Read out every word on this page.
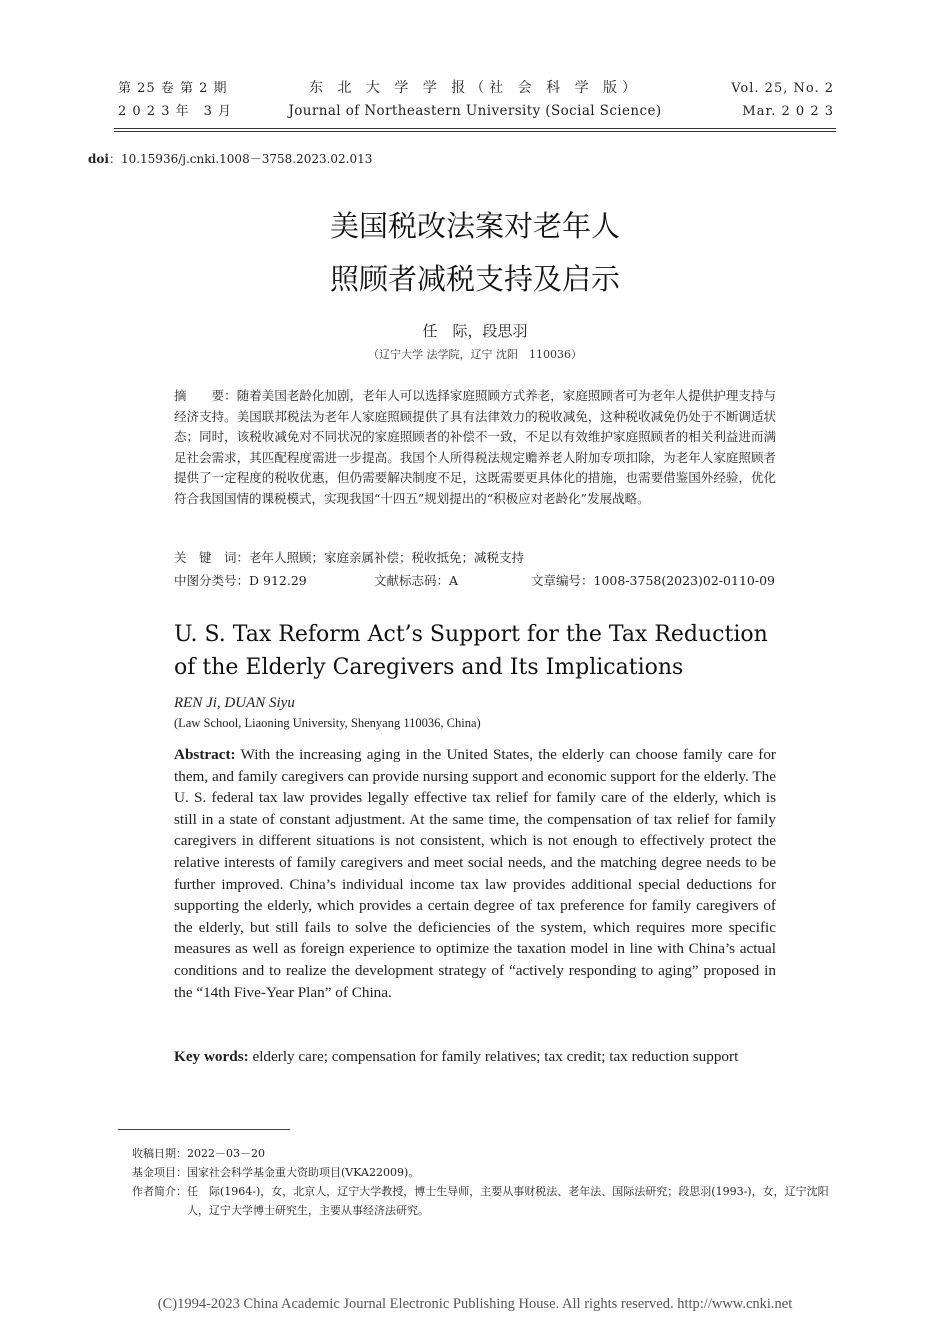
第 25 卷 第 2 期
2 0 2 3 年　3 月
东 北 大 学 学 报（社 会 科 学 版）
Journal of Northeastern University (Social Science)
Vol. 25, No. 2
Mar. 2 0 2 3
doi：10.15936/j.cnki.1008－3758.2023.02.013
美国税改法案对老年人
照顾者减税支持及启示
任　际，段思羽
（辽宁大学 法学院，辽宁 沈阳　110036）
摘　　要：随着美国老龄化加剧，老年人可以选择家庭照顾方式养老，家庭照顾者可为老年人提供护理支持与经济支持。美国联邦税法为老年人家庭照顾提供了具有法律效力的税收减免，这种税收减免仍处于不断调适状态；同时，该税收减免对不同状况的家庭照顾者的补偿不一致，不足以有效维护家庭照顾者的相关利益进而满足社会需求，其匹配程度需进一步提高。我国个人所得税法规定赡养老人附加专项扣除，为老年人家庭照顾者提供了一定程度的税收优惠，但仍需要解决制度不足，这既需要更具体化的措施，也需要借鉴国外经验，优化符合我国国情的课税模式，实现我国“十四五”规划提出的“积极应对老龄化”发展战略。
关　键　词：老年人照顾；家庭亲属补偿；税收抵免；减税支持
中图分类号：D 912.29	文献标志码：A	文章编号：1008-3758(2023)02-0110-09
U. S. Tax Reform Act’s Support for the Tax Reduction
of the Elderly Caregivers and Its Implications
REN Ji, DUAN Siyu
(Law School, Liaoning University, Shenyang 110036, China)
Abstract: With the increasing aging in the United States, the elderly can choose family care for them, and family caregivers can provide nursing support and economic support for the elderly. The U. S. federal tax law provides legally effective tax relief for family care of the elderly, which is still in a state of constant adjustment. At the same time, the compensation of tax relief for family caregivers in different situations is not consistent, which is not enough to effectively protect the relative interests of family caregivers and meet social needs, and the matching degree needs to be further improved. China’s individual income tax law provides additional special deductions for supporting the elderly, which provides a certain degree of tax preference for family caregivers of the elderly, but still fails to solve the deficiencies of the system, which requires more specific measures as well as foreign experience to optimize the taxation model in line with China’s actual conditions and to realize the development strategy of “actively responding to aging” proposed in the “14th Five-Year Plan” of China.
Key words: elderly care; compensation for family relatives; tax credit; tax reduction support
收稿日期：2022－03－20
基金项目：国家社会科学基金重大资助项目(VKA22009)。
作者简介： 任　际(1964-)，女，北京人，辽宁大学教授，博士生导师，主要从事财税法、老年法、国际法研究；段思羽(1993-)，女，辽宁沈阳人，辽宁大学博士研究生，主要从事经济法研究。
(C)1994-2023 China Academic Journal Electronic Publishing House. All rights reserved. http://www.cnki.net
